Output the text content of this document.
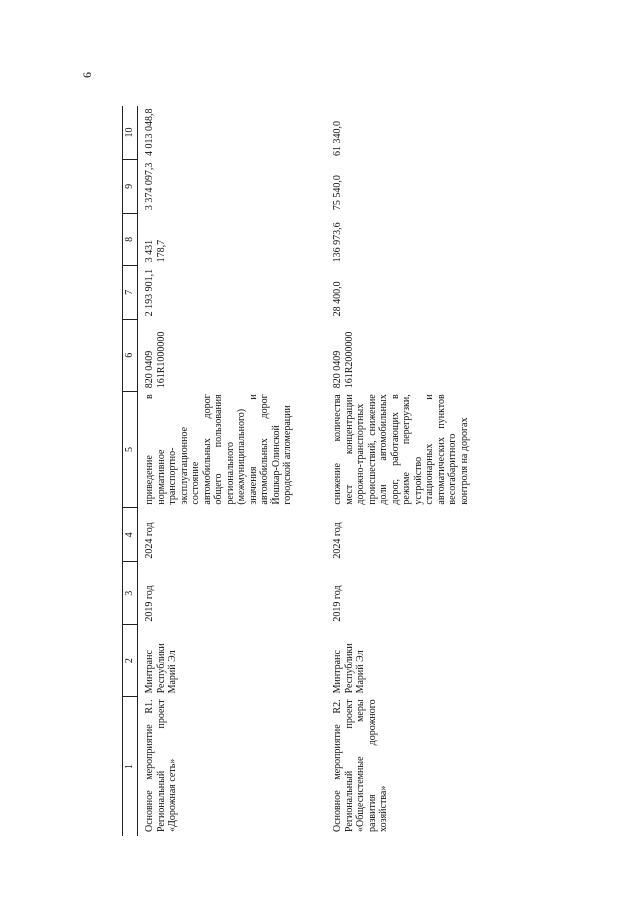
6
1
2
3
4
5
6
7
8
9
10
Основное мероприятие R1. Региональный проект «Дорожная сеть»
Минтранс Республики Марий Эл
2019 год
2024 год
приведение в нормативное транспортно-эксплуатационное состояние автомобильных дорог общего пользования регионального (межмуниципального) значения и автомобильных дорог Йошкар-Олинской городской агломерации
820 0409 161R1000000
2 193 901,1
3 431 178,7
3 374 097,3
4 013 048,8
Основное мероприятие R2. Региональный проект «Общесистемные меры развития дорожного хозяйства»
Минтранс Республики Марий Эл
2019 год
2024 год
снижение количества мест концентрации дорожно-транспортных происшествий, снижение доли автомобильных дорог, работающих в режиме перегрузки, устройство стационарных и автоматических пунктов весогабаритного контроля на дорогах
820 0409 161R2000000
28 400,0
136 973,6
75 540,0
61 340,0
